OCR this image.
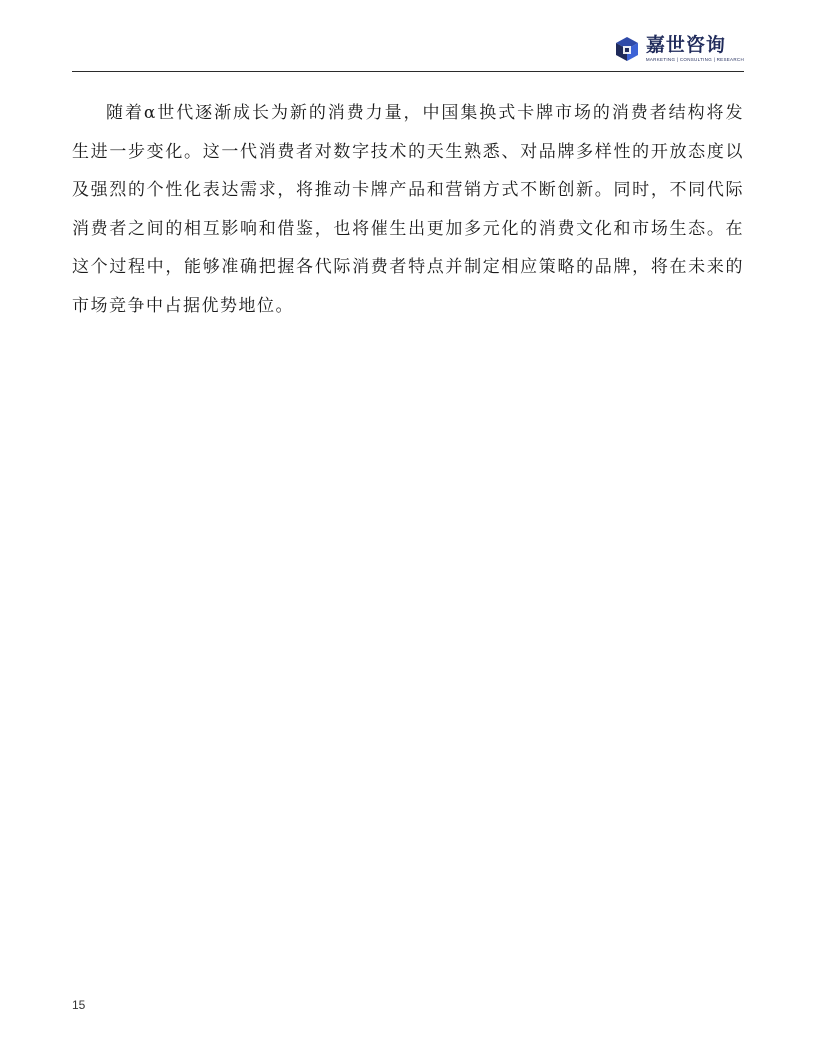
嘉世咨询
MARKETING | CONSULTING | RESEARCH

随着α世代逐渐成长为新的消费力量，中国集换式卡牌市场的消费者结构将发生进一步变化。这一代消费者对数字技术的天生熟悉、对品牌多样性的开放态度以及强烈的个性化表达需求，将推动卡牌产品和营销方式不断创新。同时，不同代际消费者之间的相互影响和借鉴，也将催生出更加多元化的消费文化和市场生态。在这个过程中，能够准确把握各代际消费者特点并制定相应策略的品牌，将在未来的市场竞争中占据优势地位。

15
